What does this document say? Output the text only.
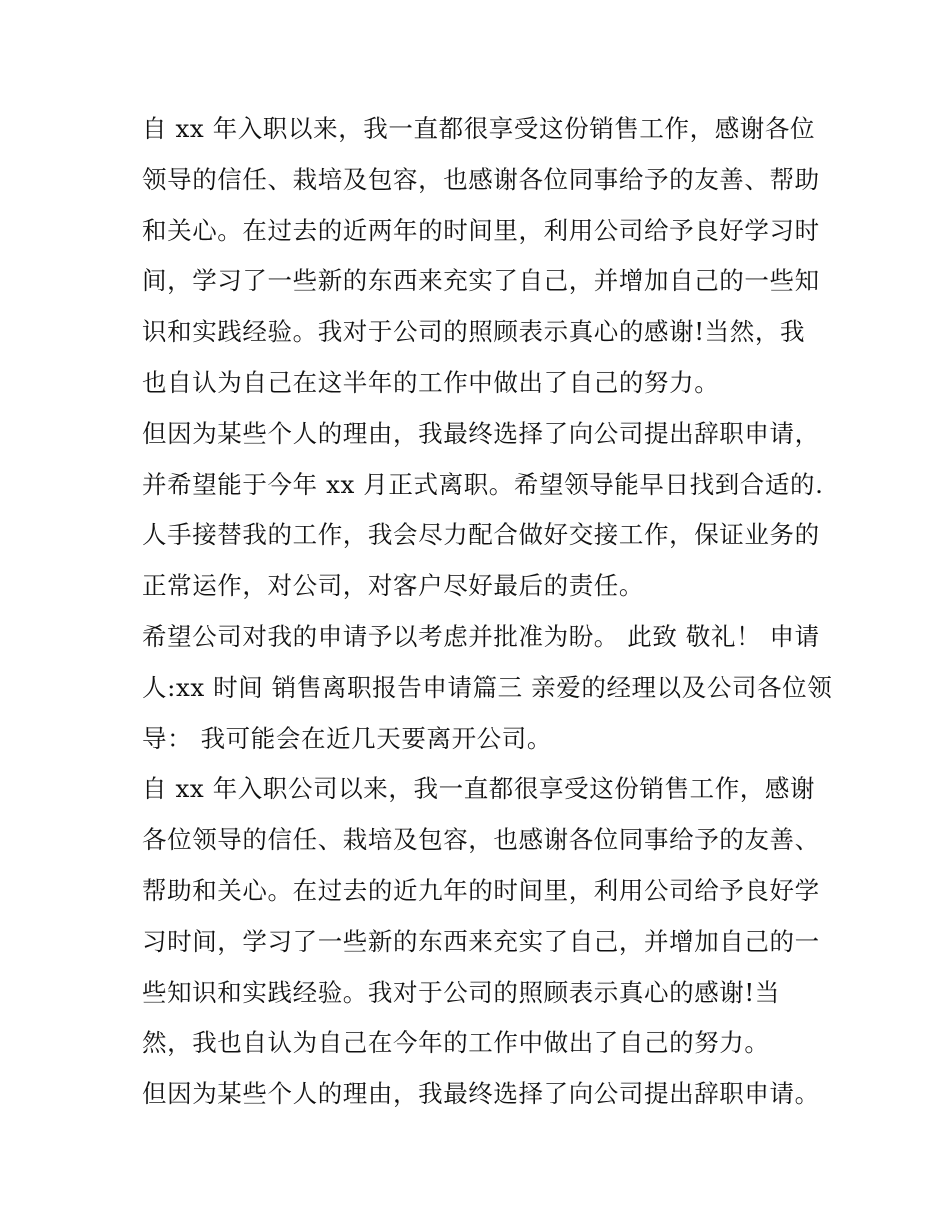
自 xx 年入职以来，我一直都很享受这份销售工作，感谢各位
领导的信任、栽培及包容，也感谢各位同事给予的友善、帮助
和关心。在过去的近两年的时间里，利用公司给予良好学习时
间，学习了一些新的东西来充实了自己，并增加自己的一些知
识和实践经验。我对于公司的照顾表示真心的感谢!当然，我
也自认为自己在这半年的工作中做出了自己的努力。
但因为某些个人的理由，我最终选择了向公司提出辞职申请，
并希望能于今年 xx 月正式离职。希望领导能早日找到合适的.
人手接替我的工作，我会尽力配合做好交接工作，保证业务的
正常运作，对公司，对客户尽好最后的责任。
希望公司对我的申请予以考虑并批准为盼。 此致 敬礼！ 申请
人:xx 时间 销售离职报告申请篇三 亲爱的经理以及公司各位领
导： 我可能会在近几天要离开公司。
自 xx 年入职公司以来，我一直都很享受这份销售工作，感谢
各位领导的信任、栽培及包容，也感谢各位同事给予的友善、
帮助和关心。在过去的近九年的时间里，利用公司给予良好学
习时间，学习了一些新的东西来充实了自己，并增加自己的一
些知识和实践经验。我对于公司的照顾表示真心的感谢!当
然，我也自认为自己在今年的工作中做出了自己的努力。
但因为某些个人的理由，我最终选择了向公司提出辞职申请。
